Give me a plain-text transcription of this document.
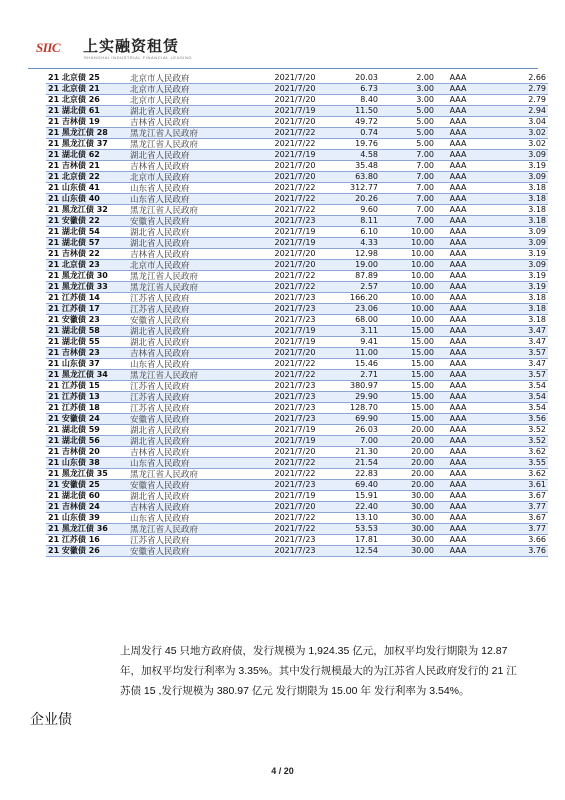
SIIC	上实融资租赁
SHANGHAI INDUSTRIAL FINANCIAL LEASING
21 北京债 25	北京市人民政府	2021/7/20	20.03	2.00	AAA	2.66
21 北京债 21	北京市人民政府	2021/7/20	6.73	3.00	AAA	2.79
21 北京债 26	北京市人民政府	2021/7/20	8.40	3.00	AAA	2.79
21 湖北债 61	湖北省人民政府	2021/7/19	11.50	5.00	AAA	2.94
21 吉林债 19	吉林省人民政府	2021/7/20	49.72	5.00	AAA	3.04
21 黑龙江债 28	黑龙江省人民政府	2021/7/22	0.74	5.00	AAA	3.02
21 黑龙江债 37	黑龙江省人民政府	2021/7/22	19.76	5.00	AAA	3.02
21 湖北债 62	湖北省人民政府	2021/7/19	4.58	7.00	AAA	3.09
21 吉林债 21	吉林省人民政府	2021/7/20	35.48	7.00	AAA	3.19
21 北京债 22	北京市人民政府	2021/7/20	63.80	7.00	AAA	3.09
21 山东债 41	山东省人民政府	2021/7/22	312.77	7.00	AAA	3.18
21 山东债 40	山东省人民政府	2021/7/22	20.26	7.00	AAA	3.18
21 黑龙江债 32	黑龙江省人民政府	2021/7/22	9.60	7.00	AAA	3.18
21 安徽债 22	安徽省人民政府	2021/7/23	8.11	7.00	AAA	3.18
21 湖北债 54	湖北省人民政府	2021/7/19	6.10	10.00	AAA	3.09
21 湖北债 57	湖北省人民政府	2021/7/19	4.33	10.00	AAA	3.09
21 吉林债 22	吉林省人民政府	2021/7/20	12.98	10.00	AAA	3.19
21 北京债 23	北京市人民政府	2021/7/20	19.00	10.00	AAA	3.09
21 黑龙江债 30	黑龙江省人民政府	2021/7/22	87.89	10.00	AAA	3.19
21 黑龙江债 33	黑龙江省人民政府	2021/7/22	2.57	10.00	AAA	3.19
21 江苏债 14	江苏省人民政府	2021/7/23	166.20	10.00	AAA	3.18
21 江苏债 17	江苏省人民政府	2021/7/23	23.06	10.00	AAA	3.18
21 安徽债 23	安徽省人民政府	2021/7/23	68.00	10.00	AAA	3.18
21 湖北债 58	湖北省人民政府	2021/7/19	3.11	15.00	AAA	3.47
21 湖北债 55	湖北省人民政府	2021/7/19	9.41	15.00	AAA	3.47
21 吉林债 23	吉林省人民政府	2021/7/20	11.00	15.00	AAA	3.57
21 山东债 37	山东省人民政府	2021/7/22	15.46	15.00	AAA	3.47
21 黑龙江债 34	黑龙江省人民政府	2021/7/22	2.71	15.00	AAA	3.57
21 江苏债 15	江苏省人民政府	2021/7/23	380.97	15.00	AAA	3.54
21 江苏债 13	江苏省人民政府	2021/7/23	29.90	15.00	AAA	3.54
21 江苏债 18	江苏省人民政府	2021/7/23	128.70	15.00	AAA	3.54
21 安徽债 24	安徽省人民政府	2021/7/23	69.90	15.00	AAA	3.56
21 湖北债 59	湖北省人民政府	2021/7/19	26.03	20.00	AAA	3.52
21 湖北债 56	湖北省人民政府	2021/7/19	7.00	20.00	AAA	3.52
21 吉林债 20	吉林省人民政府	2021/7/20	21.30	20.00	AAA	3.62
21 山东债 38	山东省人民政府	2021/7/22	21.54	20.00	AAA	3.55
21 黑龙江债 35	黑龙江省人民政府	2021/7/22	22.83	20.00	AAA	3.62
21 安徽债 25	安徽省人民政府	2021/7/23	69.40	20.00	AAA	3.61
21 湖北债 60	湖北省人民政府	2021/7/19	15.91	30.00	AAA	3.67
21 吉林债 24	吉林省人民政府	2021/7/20	22.40	30.00	AAA	3.77
21 山东债 39	山东省人民政府	2021/7/22	13.10	30.00	AAA	3.67
21 黑龙江债 36	黑龙江省人民政府	2021/7/22	53.53	30.00	AAA	3.77
21 江苏债 16	江苏省人民政府	2021/7/23	17.81	30.00	AAA	3.66
21 安徽债 26	安徽省人民政府	2021/7/23	12.54	30.00	AAA	3.76
上周发行 45 只地方政府债，发行规模为 1,924.35 亿元，加权平均发行期限为 12.87 年，加权平均发行利率为 3.35%。其中发行规模最大的为江苏省人民政府发行的 21 江苏债 15 ,发行规模为 380.97 亿元 发行期限为 15.00 年 发行利率为 3.54%。
企业债
4 / 20
